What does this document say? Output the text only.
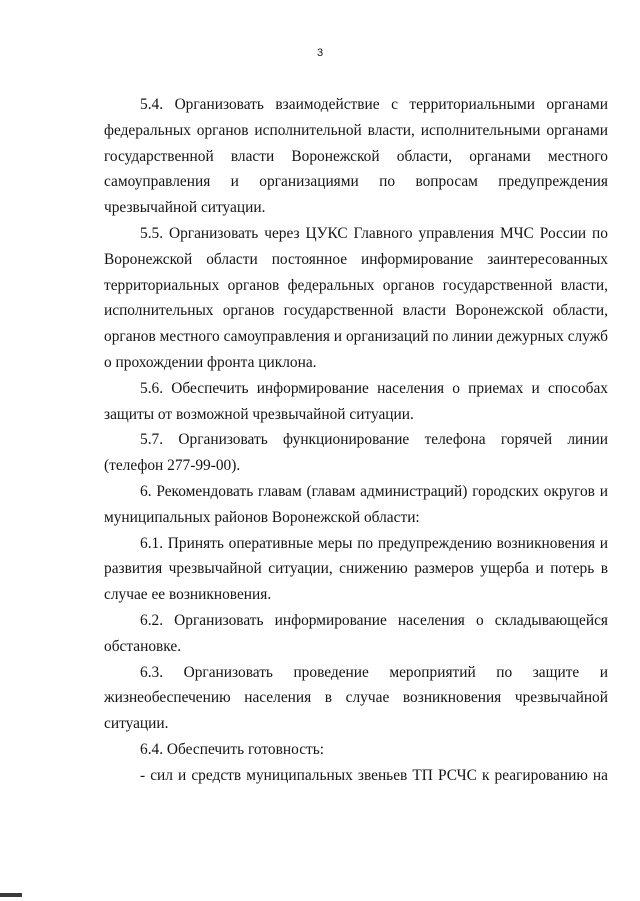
3

5.4. Организовать взаимодействие с территориальными органами
федеральных органов исполнительной власти, исполнительными органами
государственной власти Воронежской области, органами местного
самоуправления и организациями по вопросам предупреждения
чрезвычайной ситуации.

5.5. Организовать через ЦУКС Главного управления МЧС России по
Воронежской области постоянное информирование заинтересованных
территориальных органов федеральных органов государственной власти,
исполнительных органов государственной власти Воронежской области,
органов местного самоуправления и организаций по линии дежурных служб
о прохождении фронта циклона.

5.6. Обеспечить информирование населения о приемах и способах
защиты от возможной чрезвычайной ситуации.

5.7. Организовать функционирование телефона горячей линии
(телефон 277-99-00).

6. Рекомендовать главам (главам администраций) городских округов и
муниципальных районов Воронежской области:

6.1. Принять оперативные меры по предупреждению возникновения и
развития чрезвычайной ситуации, снижению размеров ущерба и потерь в
случае ее возникновения.

6.2. Организовать информирование населения о складывающейся
обстановке.

6.3. Организовать проведение мероприятий по защите и
жизнеобеспечению населения в случае возникновения чрезвычайной
ситуации.

6.4. Обеспечить готовность:

- сил и средств муниципальных звеньев ТП РСЧС к реагированию на
